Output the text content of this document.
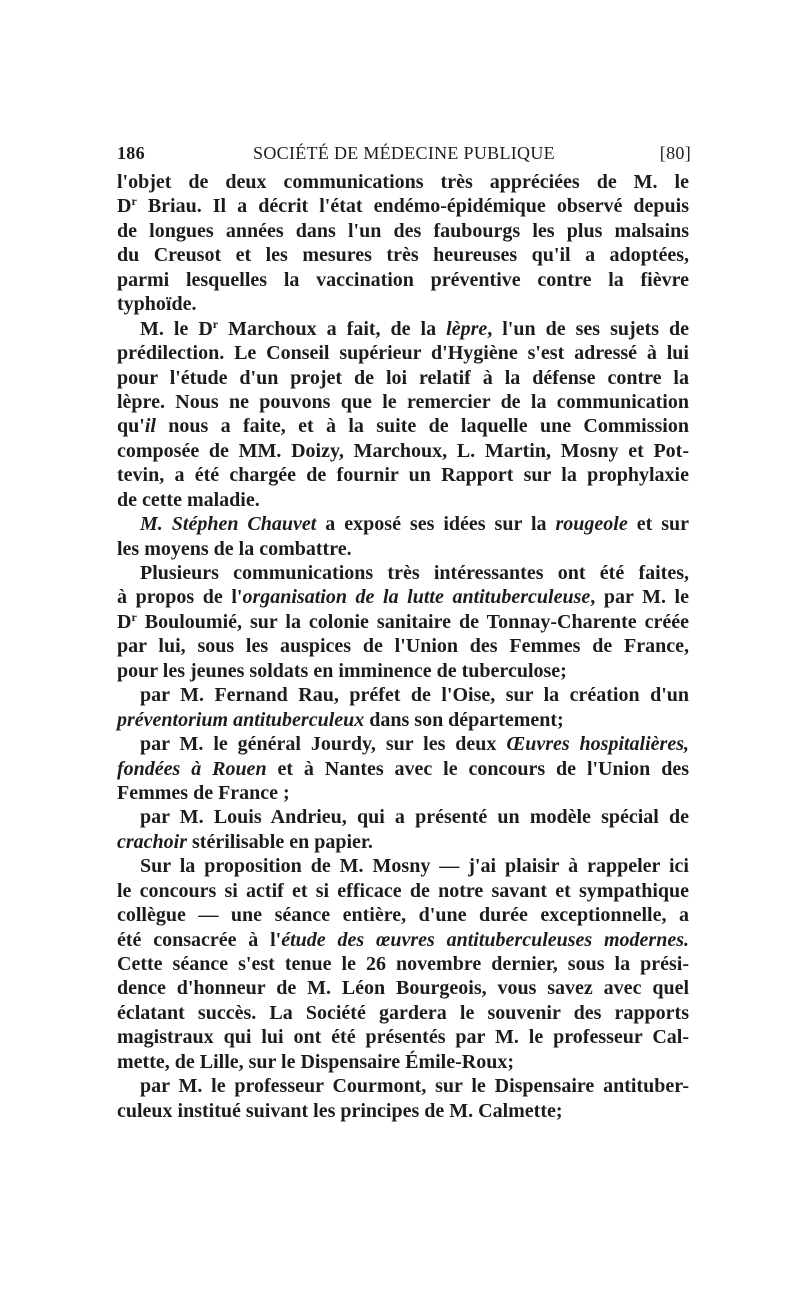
186	SOCIÉTÉ DE MÉDECINE PUBLIQUE	[80]
l'objet de deux communications très appréciées de M. le
$D^r$ Briau. Il a décrit l'état endémo-épidémique observé depuis
de longues années dans l'un des faubourgs les plus malsains
du Creusot et les mesures très heureuses qu'il a adoptées,
parmi lesquelles la vaccination préventive contre la fièvre
typhoïde.
M. le $D^r$ Marchoux a fait, de la lèpre, l'un de ses sujets de
prédilection. Le Conseil supérieur d'Hygiène s'est adressé à lui
pour l'étude d'un projet de loi relatif à la défense contre la
lèpre. Nous ne pouvons que le remercier de la communication
qu'il nous a faite, et à la suite de laquelle une Commission
composée de MM. Doizy, Marchoux, L. Martin, Mosny et Pot-
tevin, a été chargée de fournir un Rapport sur la prophylaxie
de cette maladie.
M. Stéphen Chauvet a exposé ses idées sur la rougeole et sur
les moyens de la combattre.
Plusieurs communications très intéressantes ont été faites,
à propos de l'organisation de la lutte antituberculeuse, par M. le
$D^r$ Bouloumié, sur la colonie sanitaire de Tonnay-Charente créée
par lui, sous les auspices de l'Union des Femmes de France,
pour les jeunes soldats en imminence de tuberculose;
par M. Fernand Rau, préfet de l'Oise, sur la création d'un
préventorium antituberculeux dans son département;
par M. le général Jourdy, sur les deux Œuvres hospitalières,
fondées à Rouen et à Nantes avec le concours de l'Union des
Femmes de France ;
par M. Louis Andrieu, qui a présenté un modèle spécial de
crachoir stérilisable en papier.
Sur la proposition de M. Mosny — j'ai plaisir à rappeler ici
le concours si actif et si efficace de notre savant et sympathique
collègue — une séance entière, d'une durée exceptionnelle, a
été consacrée à l'étude des œuvres antituberculeuses modernes.
Cette séance s'est tenue le 26 novembre dernier, sous la prési-
dence d'honneur de M. Léon Bourgeois, vous savez avec quel
éclatant succès. La Société gardera le souvenir des rapports
magistraux qui lui ont été présentés par M. le professeur Cal-
mette, de Lille, sur le Dispensaire Émile-Roux;
par M. le professeur Courmont, sur le Dispensaire antituber-
culeux institué suivant les principes de M. Calmette;
